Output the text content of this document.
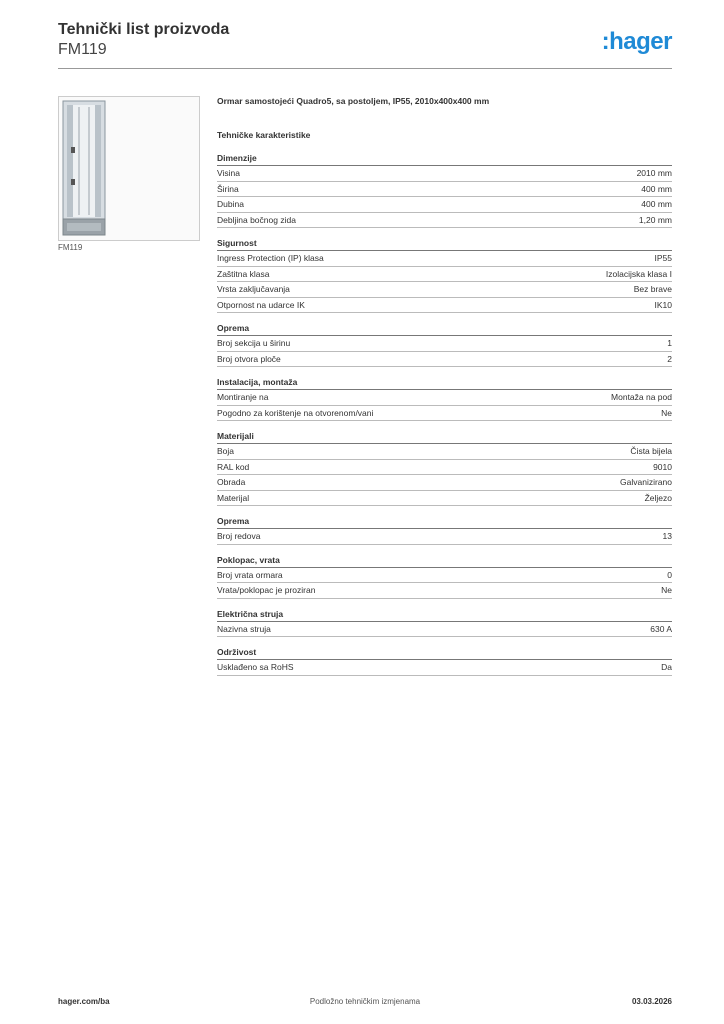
Tehnički list proizvoda
FM119	:hager
FM119
Ormar samostojeći Quadro5, sa postoljem, IP55, 2010x400x400 mm
Tehničke karakteristike
Dimenzije
Visina	2010 mm
Širina	400 mm
Dubina	400 mm
Debljina bočnog zida	1,20 mm
Sigurnost
Ingress Protection (IP) klasa	IP55
Zaštitna klasa	Izolacijska klasa I
Vrsta zaključavanja	Bez brave
Otpornost na udarce IK	IK10
Oprema
Broj sekcija u širinu	1
Broj otvora ploče	2
Instalacija, montaža
Montiranje na	Montaža na pod
Pogodno za korištenje na otvorenom/vani	Ne
Materijali
Boja	Čista bijela
RAL kod	9010
Obrada	Galvanizirano
Materijal	Željezo
Oprema
Broj redova	13
Poklopac, vrata
Broj vrata ormara	0
Vrata/poklopac je proziran	Ne
Električna struja
Nazivna struja	630 A
Održivost
Usklađeno sa RoHS	Da
hager.com/ba	Podložno tehničkim izmjenama	03.03.2026
